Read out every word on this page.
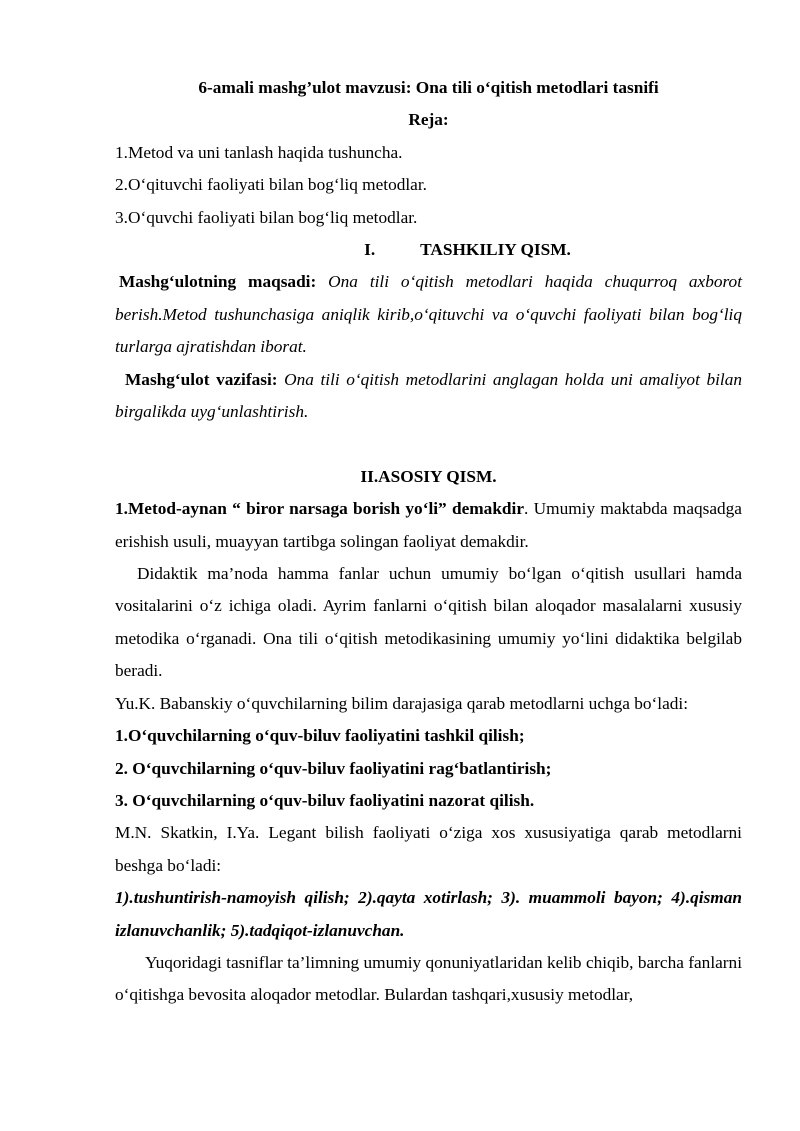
6-amali mashg’ulot mavzusi: Ona tili o‘qitish metodlari tasnifi

Reja:

1.Metod va uni tanlash haqida tushuncha.

2.O‘qituvchi faoliyati bilan bog‘liq metodlar.

3.O‘quvchi faoliyati bilan bog‘liq metodlar.

I.	TASHKILIY QISM.

Mashg‘ulotning maqsadi: Ona tili o‘qitish metodlari haqida chuqurroq axborot berish.Metod tushunchasiga aniqlik kirib,o‘qituvchi va o‘quvchi faoliyati bilan bog‘liq turlarga ajratishdan iborat.

Mashg‘ulot vazifasi: Ona tili o‘qitish metodlarini anglagan holda uni amaliyot bilan birgalikda uyg‘unlashtirish.

II.ASOSIY QISM.

1.Metod-aynan “ biror narsaga borish yo‘li” demakdir. Umumiy maktabda maqsadga erishish usuli, muayyan tartibga solingan faoliyat demakdir.

Didaktik ma’noda hamma fanlar uchun umumiy bo‘lgan o‘qitish usullari hamda vositalarini o‘z ichiga oladi. Ayrim fanlarni o‘qitish bilan aloqador masalalarni xususiy metodika o‘rganadi. Ona tili o‘qitish metodikasining umumiy yo‘lini didaktika belgilab beradi.

Yu.K. Babanskiy o‘quvchilarning bilim darajasiga qarab metodlarni uchga bo‘ladi:

1.O‘quvchilarning o‘quv-biluv faoliyatini tashkil qilish;

2. O‘quvchilarning o‘quv-biluv faoliyatini rag‘batlantirish;

3. O‘quvchilarning o‘quv-biluv faoliyatini nazorat qilish.

M.N. Skatkin, I.Ya. Legant bilish faoliyati o‘ziga xos xususiyatiga qarab metodlarni beshga bo‘ladi:

1).tushuntirish-namoyish qilish; 2).qayta xotirlash; 3). muammoli bayon; 4).qisman izlanuvchanlik; 5).tadqiqot-izlanuvchan.

Yuqoridagi tasniflar ta’limning umumiy qonuniyatlaridan kelib chiqib, barcha fanlarni o‘qitishga bevosita aloqador metodlar. Bulardan tashqari,xususiy metodlar,
